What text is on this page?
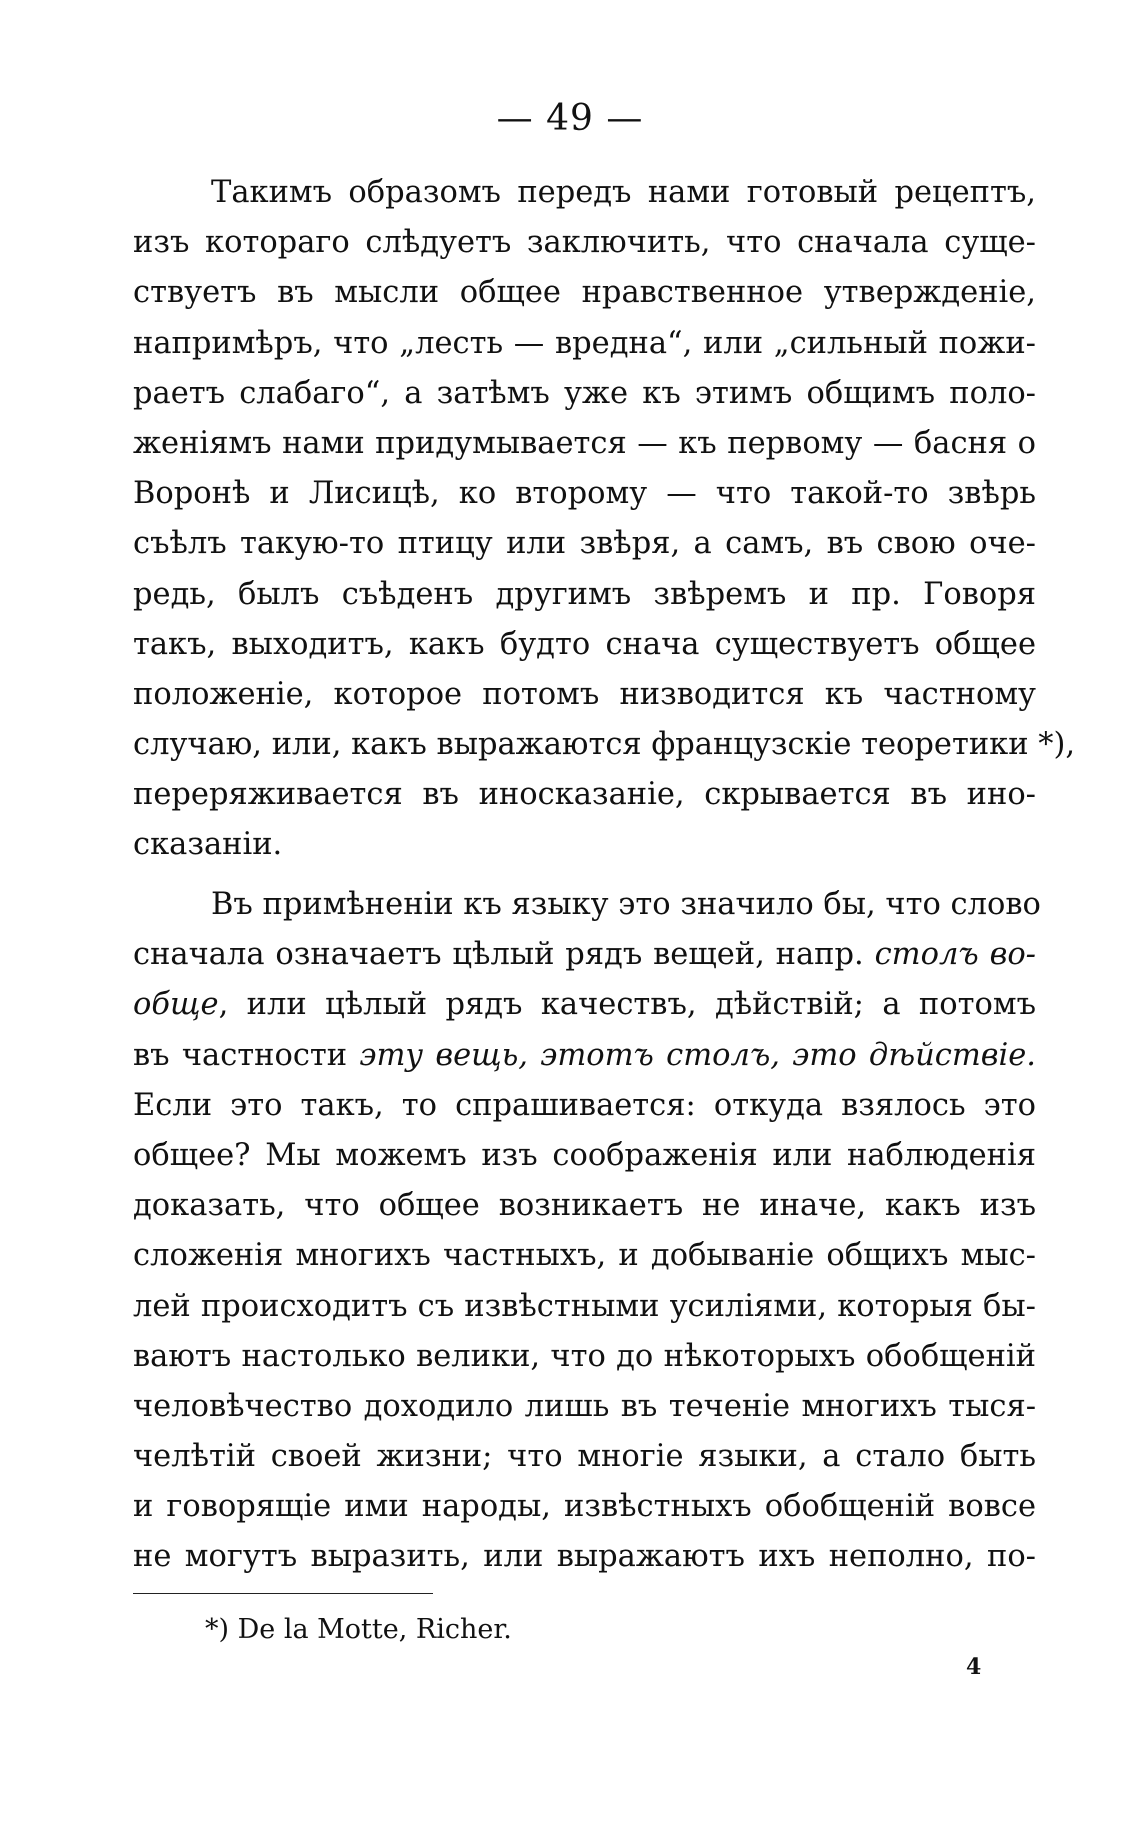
— 49 —
Такимъ образомъ передъ нами готовый рецептъ,
изъ котораго слѣдуетъ заключить, что сначала суще-
ствуетъ въ мысли общее нравственное утвержденіе,
напримѣръ, что „лесть — вредна“, или „сильный пожи-
раетъ слабаго“, а затѣмъ уже къ этимъ общимъ поло-
женіямъ нами придумывается — къ первому — басня о
Воронѣ и Лисицѣ, ко второму — что такой-то звѣрь
съѣлъ такую-то птицу или звѣря, а самъ, въ свою оче-
редь, былъ съѣденъ другимъ звѣремъ и пр. Говоря
такъ, выходитъ, какъ будто снача существуетъ общее
положеніе, которое потомъ низводится къ частному
случаю, или, какъ выражаются французскіе теоретики *),
переряживается въ иносказаніе, скрывается въ ино-
сказаніи.
Въ примѣненіи къ языку это значило бы, что слово
сначала означаетъ цѣлый рядъ вещей, напр. столъ во-
обще, или цѣлый рядъ качествъ, дѣйствій; а потомъ
въ частности эту вещь, этотъ столъ, это дѣйствіе.
Если это такъ, то спрашивается: откуда взялось это
общее? Мы можемъ изъ соображенія или наблюденія
доказать, что общее возникаетъ не иначе, какъ изъ
сложенія многихъ частныхъ, и добываніе общихъ мыс-
лей происходитъ съ извѣстными усиліями, которыя бы-
ваютъ настолько велики, что до нѣкоторыхъ обобщеній
человѣчество доходило лишь въ теченіе многихъ тыся-
челѣтій своей жизни; что многіе языки, а стало быть
и говорящіе ими народы, извѣстныхъ обобщеній вовсе
не могутъ выразить, или выражаютъ ихъ неполно, по-
*) De la Motte, Richer.
4
